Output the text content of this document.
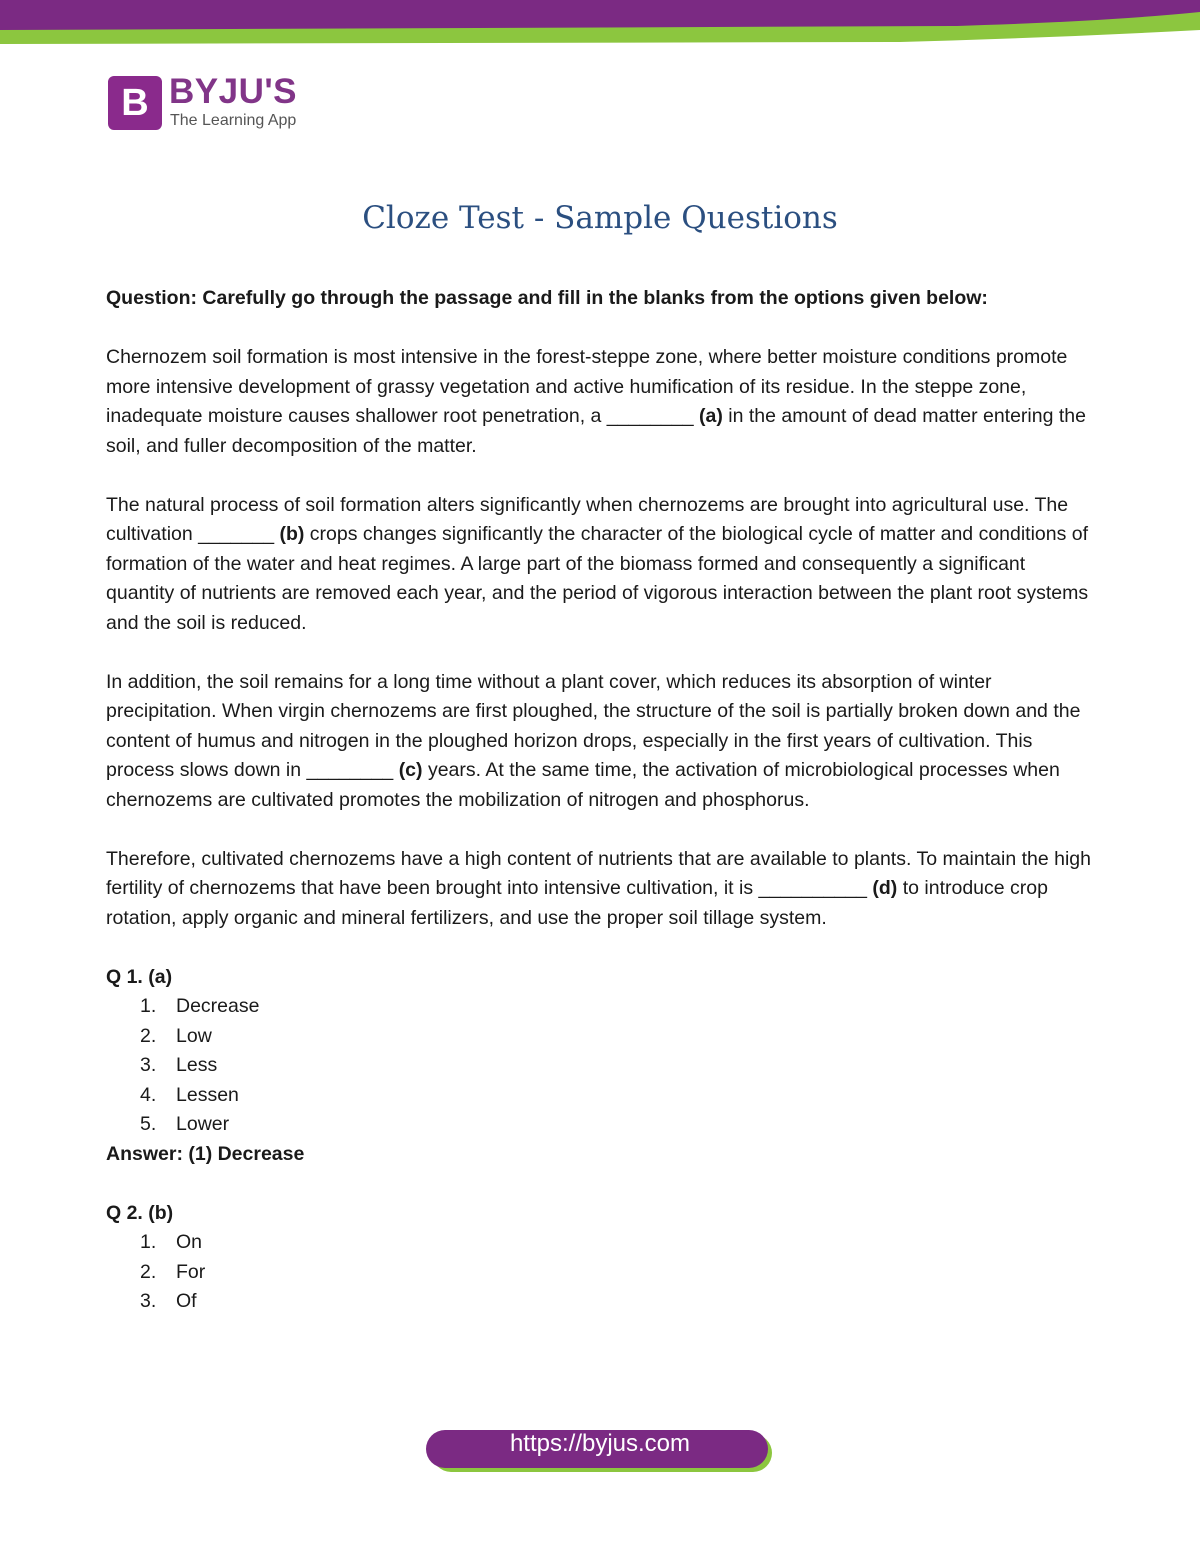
B BYJU'S
The Learning App
Cloze Test - Sample Questions

Question: Carefully go through the passage and fill in the blanks from the options given below:

Chernozem soil formation is most intensive in the forest-steppe zone, where better moisture conditions promote more intensive development of grassy vegetation and active humification of its residue. In the steppe zone, inadequate moisture causes shallower root penetration, a ________ (a) in the amount of dead matter entering the soil, and fuller decomposition of the matter.

The natural process of soil formation alters significantly when chernozems are brought into agricultural use. The cultivation _______ (b) crops changes significantly the character of the biological cycle of matter and conditions of formation of the water and heat regimes. A large part of the biomass formed and consequently a significant quantity of nutrients are removed each year, and the period of vigorous interaction between the plant root systems and the soil is reduced.

In addition, the soil remains for a long time without a plant cover, which reduces its absorption of winter precipitation. When virgin chernozems are first ploughed, the structure of the soil is partially broken down and the content of humus and nitrogen in the ploughed horizon drops, especially in the first years of cultivation. This process slows down in ________ (c) years. At the same time, the activation of microbiological processes when chernozems are cultivated promotes the mobilization of nitrogen and phosphorus.

Therefore, cultivated chernozems have a high content of nutrients that are available to plants. To maintain the high fertility of chernozems that have been brought into intensive cultivation, it is __________ (d) to introduce crop rotation, apply organic and mineral fertilizers, and use the proper soil tillage system.

Q 1. (a)

1. Decrease
2. Low
3. Less
4. Lessen
5. Lower

Answer: (1) Decrease

Q 2. (b)

1. On
2. For
3. Of
https://byjus.com
